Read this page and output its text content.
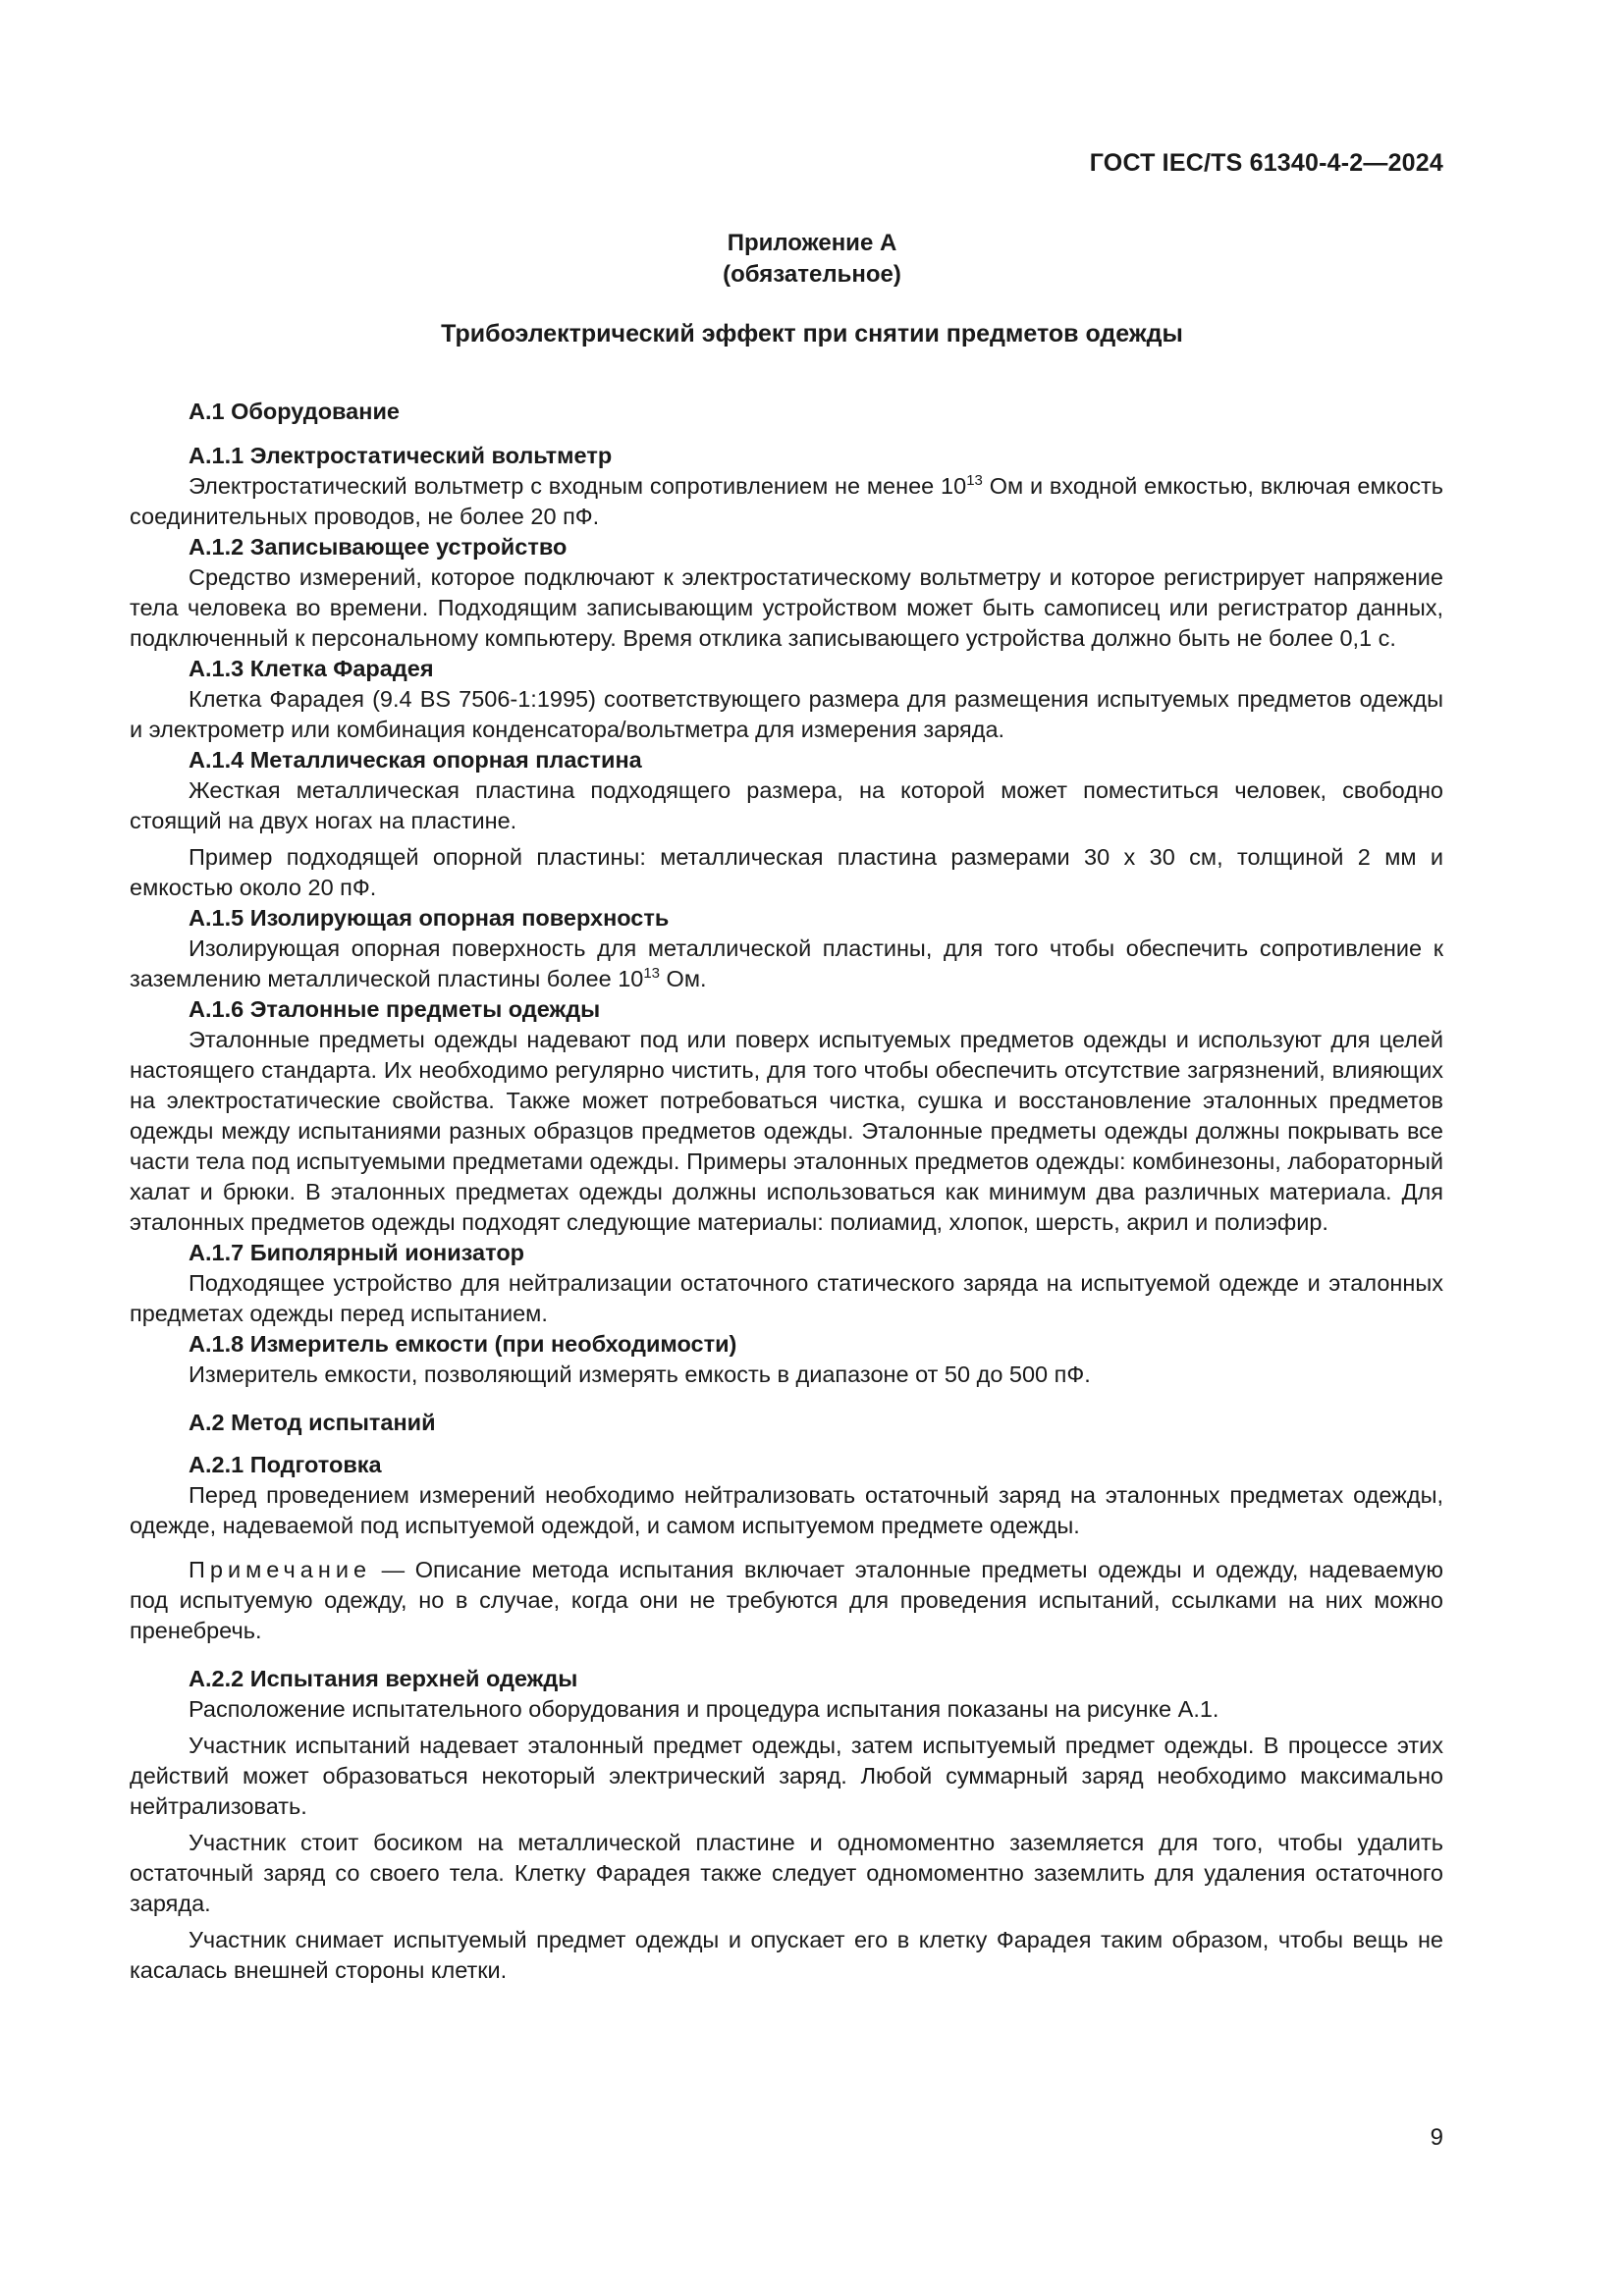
ГОСТ IEC/TS 61340-4-2—2024
Приложение А
(обязательное)
Трибоэлектрический эффект при снятии предметов одежды
А.1 Оборудование
А.1.1 Электростатический вольтметр

Электростатический вольтметр с входным сопротивлением не менее $10^{13}$ Ом и входной емкостью, включая емкость соединительных проводов, не более 20 пФ.

А.1.2 Записывающее устройство

Средство измерений, которое подключают к электростатическому вольтметру и которое регистрирует напряжение тела человека во времени. Подходящим записывающим устройством может быть самописец или регистратор данных, подключенный к персональному компьютеру. Время отклика записывающего устройства должно быть не более 0,1 с.

А.1.3 Клетка Фарадея

Клетка Фарадея (9.4 BS 7506-1:1995) соответствующего размера для размещения испытуемых предметов одежды и электрометр или комбинация конденсатора/вольтметра для измерения заряда.

А.1.4 Металлическая опорная пластина

Жесткая металлическая пластина подходящего размера, на которой может поместиться человек, свободно стоящий на двух ногах на пластине.

Пример подходящей опорной пластины: металлическая пластина размерами 30 х 30 см, толщиной 2 мм и емкостью около 20 пФ.

А.1.5 Изолирующая опорная поверхность

Изолирующая опорная поверхность для металлической пластины, для того чтобы обеспечить сопротивление к заземлению металлической пластины более $10^{13}$ Ом.

А.1.6 Эталонные предметы одежды

Эталонные предметы одежды надевают под или поверх испытуемых предметов одежды и используют для целей настоящего стандарта. Их необходимо регулярно чистить, для того чтобы обеспечить отсутствие загрязнений, влияющих на электростатические свойства. Также может потребоваться чистка, сушка и восстановление эталонных предметов одежды между испытаниями разных образцов предметов одежды. Эталонные предметы одежды должны покрывать все части тела под испытуемыми предметами одежды. Примеры эталонных предметов одежды: комбинезоны, лабораторный халат и брюки. В эталонных предметах одежды должны использоваться как минимум два различных материала. Для эталонных предметов одежды подходят следующие материалы: полиамид, хлопок, шерсть, акрил и полиэфир.

А.1.7 Биполярный ионизатор

Подходящее устройство для нейтрализации остаточного статического заряда на испытуемой одежде и эталонных предметах одежды перед испытанием.

А.1.8 Измеритель емкости (при необходимости)

Измеритель емкости, позволяющий измерять емкость в диапазоне от 50 до 500 пФ.

А.2 Метод испытаний
А.2.1 Подготовка

Перед проведением измерений необходимо нейтрализовать остаточный заряд на эталонных предметах одежды, одежде, надеваемой под испытуемой одеждой, и самом испытуемом предмете одежды.

Примечание — Описание метода испытания включает эталонные предметы одежды и одежду, надеваемую под испытуемую одежду, но в случае, когда они не требуются для проведения испытаний, ссылками на них можно пренебречь.
А.2.2 Испытания верхней одежды

Расположение испытательного оборудования и процедура испытания показаны на рисунке А.1.

Участник испытаний надевает эталонный предмет одежды, затем испытуемый предмет одежды. В процессе этих действий может образоваться некоторый электрический заряд. Любой суммарный заряд необходимо максимально нейтрализовать.

Участник стоит босиком на металлической пластине и одномоментно заземляется для того, чтобы удалить остаточный заряд со своего тела. Клетку Фарадея также следует одномоментно заземлить для удаления остаточного заряда.

Участник снимает испытуемый предмет одежды и опускает его в клетку Фарадея таким образом, чтобы вещь не касалась внешней стороны клетки.

9
